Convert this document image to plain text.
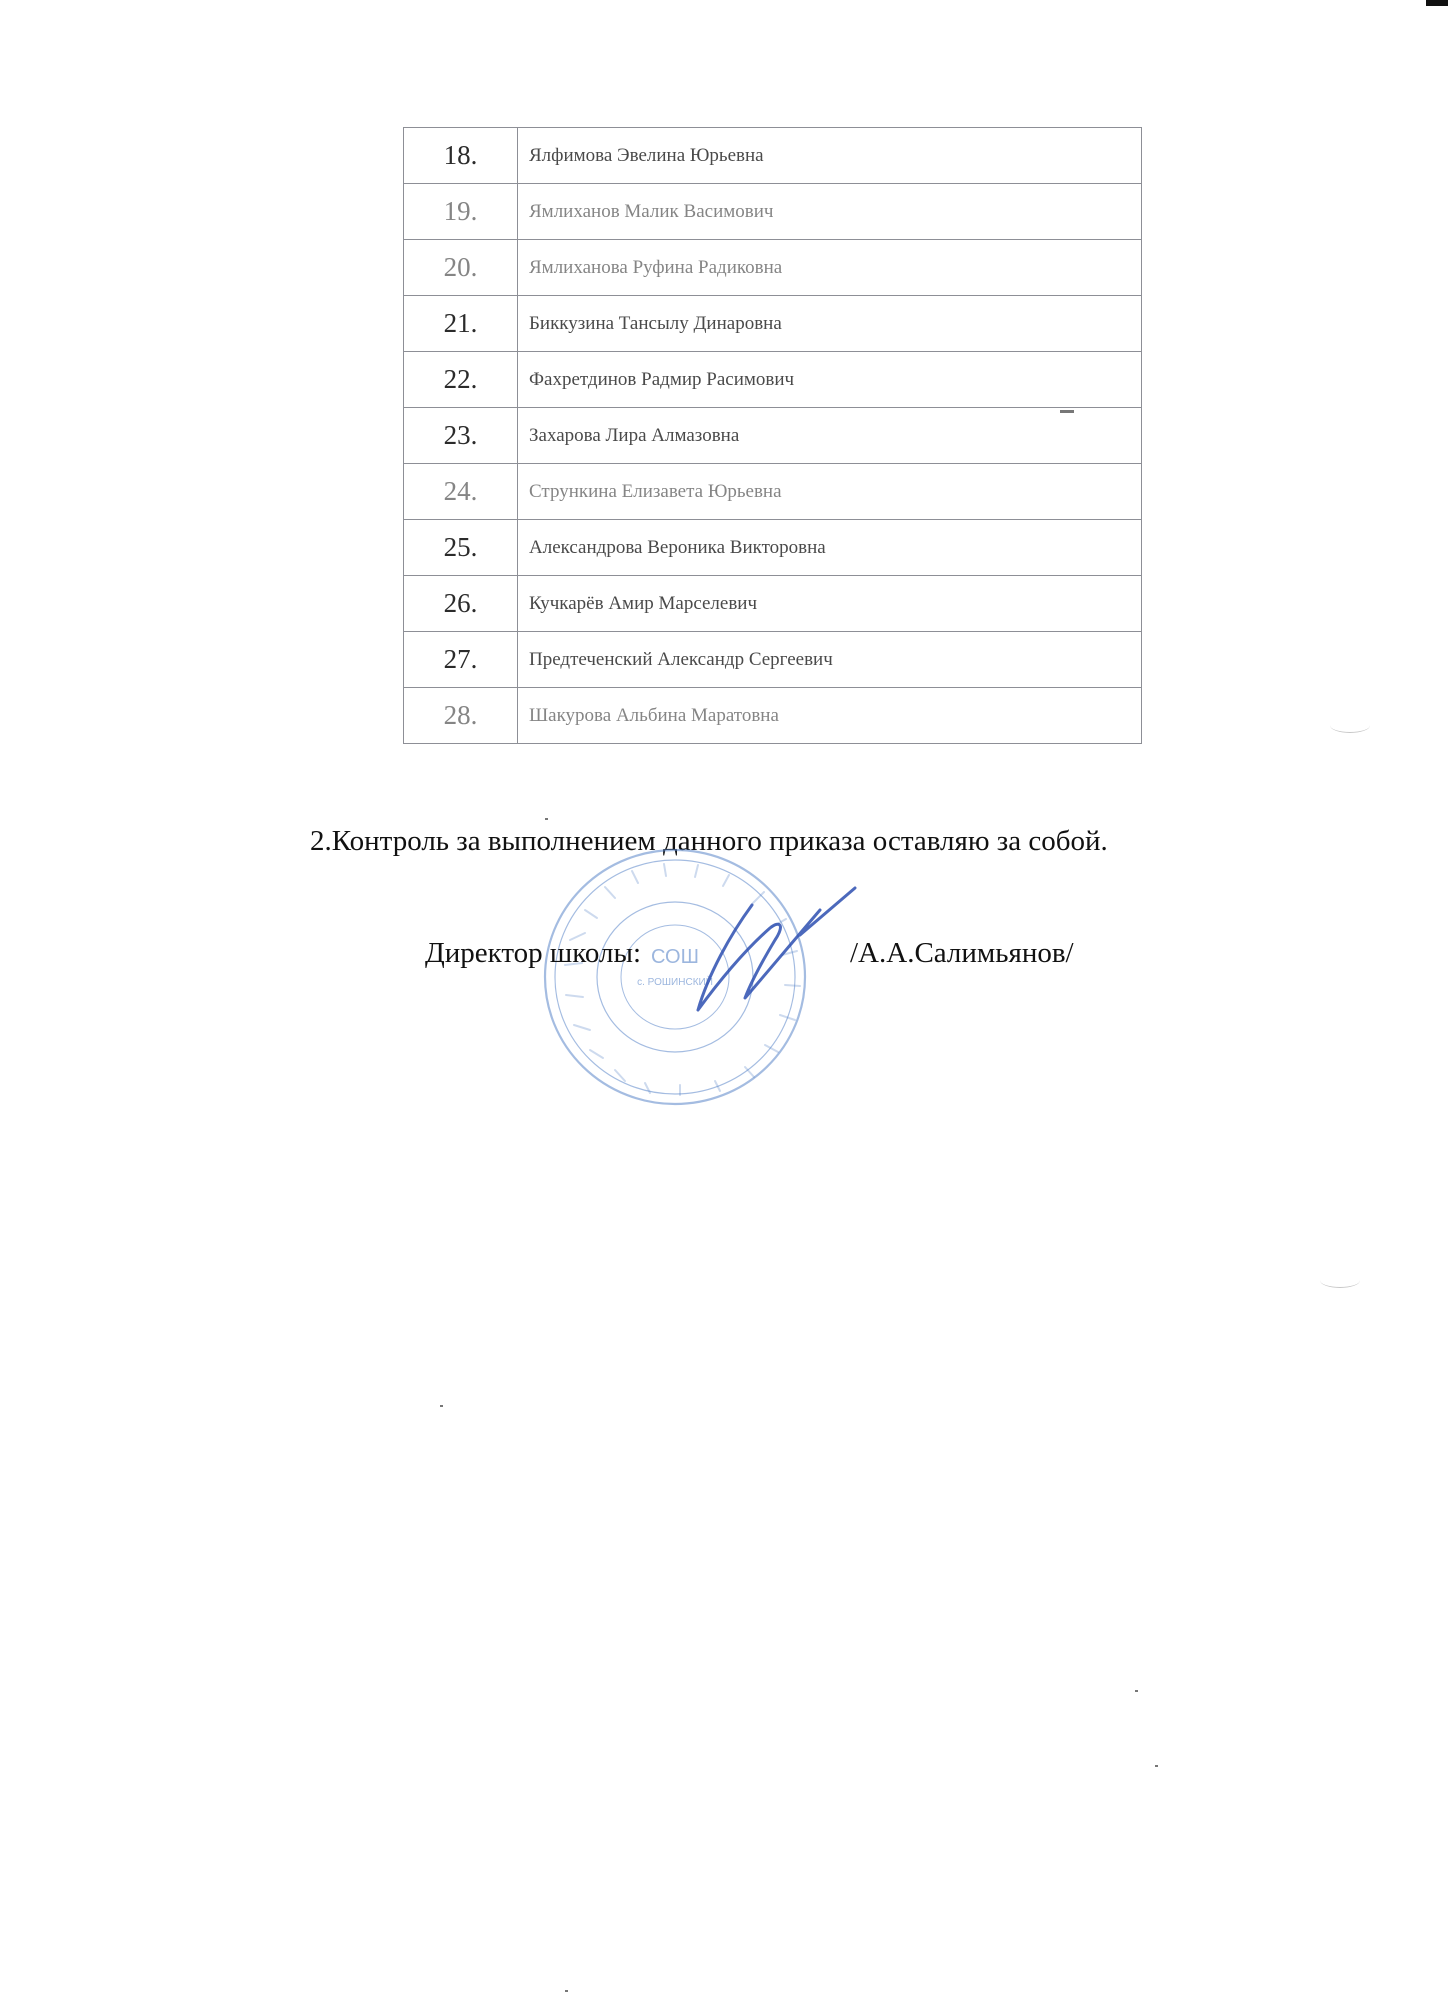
18.	Ялфимова Эвелина Юрьевна
19.	Ямлиханов Малик Васимович
20.	Ямлиханова Руфина Радиковна
21.	Биккузина Тансылу Динаровна
22.	Фахретдинов Радмир Расимович
23.	Захарова Лира Алмазовна
24.	Стрункина Елизавета Юрьевна
25.	Александрова Вероника Викторовна
26.	Кучкарёв Амир Марселевич
27.	Предтеченский Александр Сергеевич
28.	Шакурова Альбина Маратовна
2.Контроль за выполнением данного приказа оставляю за собой.
СОШ
с. РОШИНСКИЙ
Директор школы:	/А.А.Салимьянов/
